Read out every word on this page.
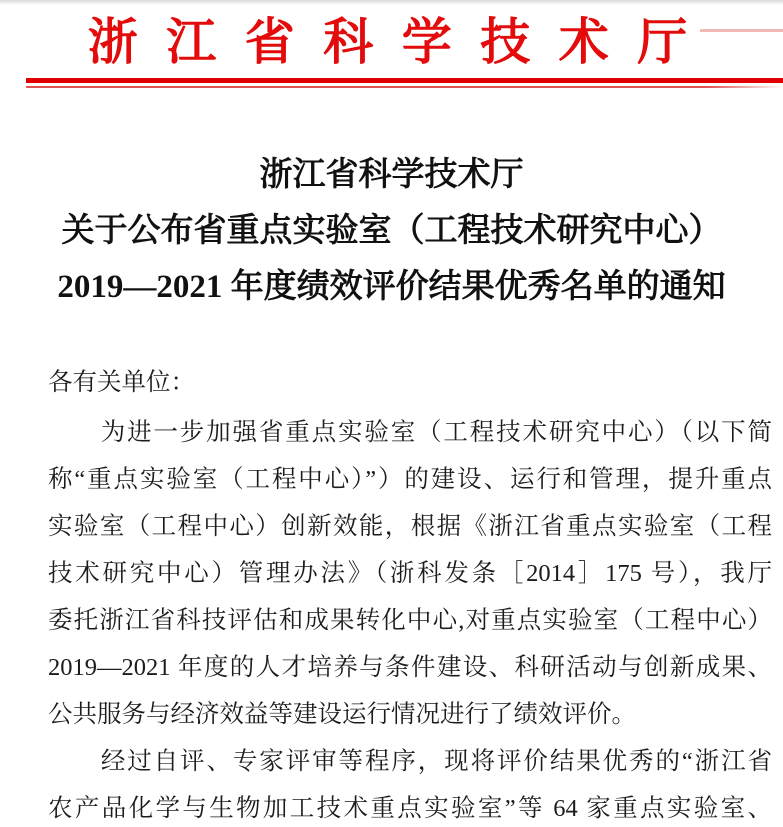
浙 江 省 科 学 技 术 厅
浙江省科学技术厅
关于公布省重点实验室（工程技术研究中心）
2019—2021 年度绩效评价结果优秀名单的通知
各有关单位：
　　为进一步加强省重点实验室（工程技术研究中心）（以下简
称“重点实验室（工程中心）”）的建设、运行和管理，提升重点
实验室（工程中心）创新效能，根据《浙江省重点实验室（工程
技术研究中心）管理办法》（浙科发条［2014］175 号），我厅
委托浙江省科技评估和成果转化中心,对重点实验室（工程中心）
2019—2021 年度的人才培养与条件建设、科研活动与创新成果、
公共服务与经济效益等建设运行情况进行了绩效评价。
　　经过自评、专家评审等程序，现将评价结果优秀的“浙江省
农产品化学与生物加工技术重点实验室”等 64 家重点实验室、
